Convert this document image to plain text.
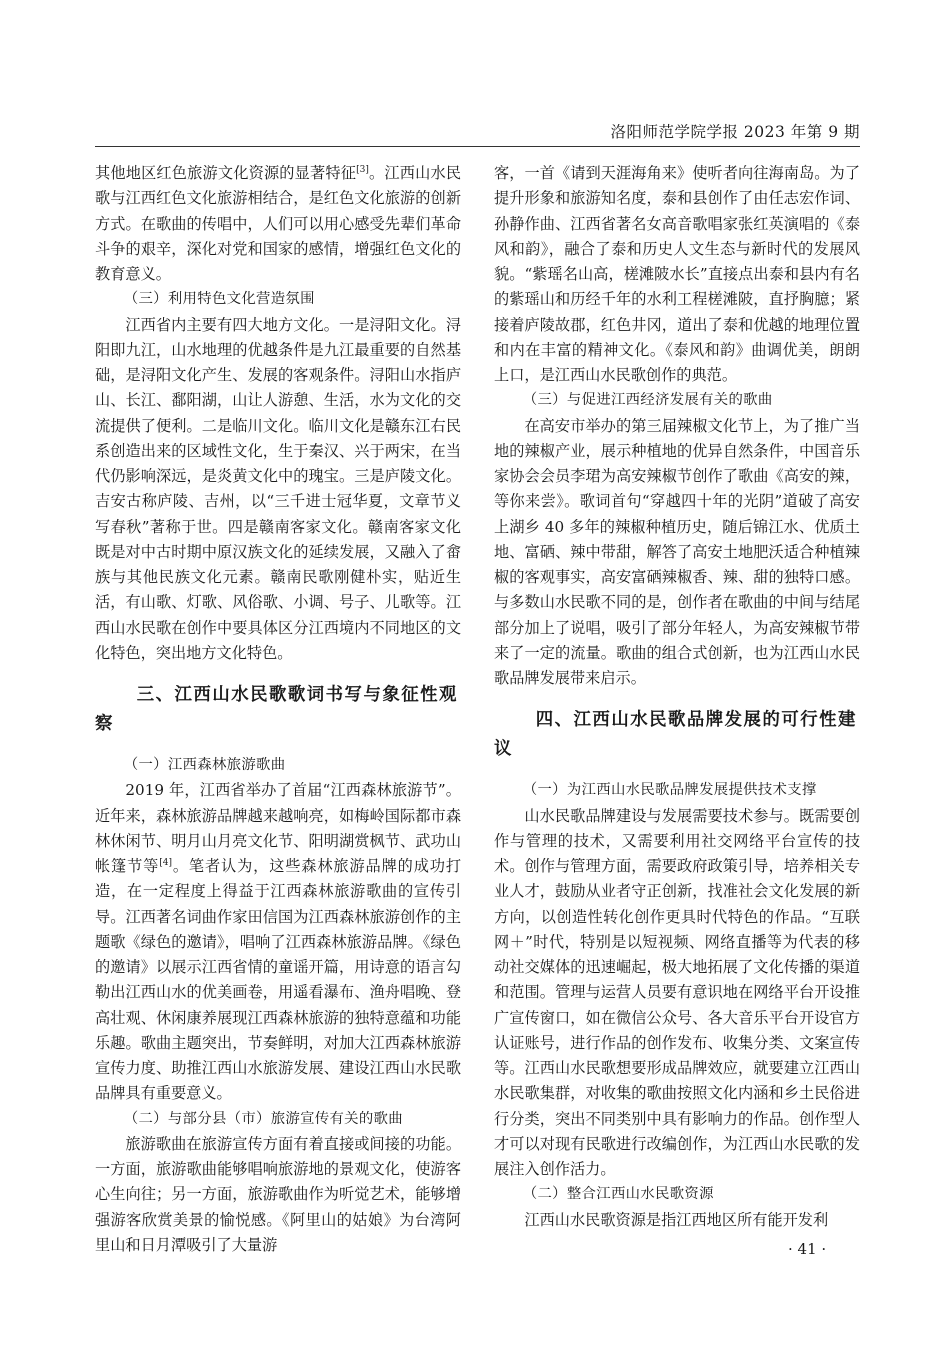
洛阳师范学院学报 2023 年第 9 期

其他地区红色旅游文化资源的显著特征[3]。江西山水民歌与江西红色文化旅游相结合，是红色文化旅游的创新方式。在歌曲的传唱中，人们可以用心感受先辈们革命斗争的艰辛，深化对党和国家的感情，增强红色文化的教育意义。

（三）利用特色文化营造氛围

江西省内主要有四大地方文化。一是浔阳文化。浔阳即九江，山水地理的优越条件是九江最重要的自然基础，是浔阳文化产生、发展的客观条件。浔阳山水指庐山、长江、鄱阳湖，山让人游憩、生活，水为文化的交流提供了便利。二是临川文化。临川文化是赣东江右民系创造出来的区域性文化，生于秦汉、兴于两宋，在当代仍影响深远，是炎黄文化中的瑰宝。三是庐陵文化。吉安古称庐陵、吉州，以“三千进士冠华夏，文章节义写春秋”著称于世。四是赣南客家文化。赣南客家文化既是对中古时期中原汉族文化的延续发展，又融入了畲族与其他民族文化元素。赣南民歌刚健朴实，贴近生活，有山歌、灯歌、风俗歌、小调、号子、儿歌等。江西山水民歌在创作中要具体区分江西境内不同地区的文化特色，突出地方文化特色。

三、江西山水民歌歌词书写与象征性观察
（一）江西森林旅游歌曲

2019 年，江西省举办了首届“江西森林旅游节”。近年来，森林旅游品牌越来越响亮，如梅岭国际都市森林休闲节、明月山月亮文化节、阳明湖赏枫节、武功山帐篷节等[4]。笔者认为，这些森林旅游品牌的成功打造，在一定程度上得益于江西森林旅游歌曲的宣传引导。江西著名词曲作家田信国为江西森林旅游创作的主题歌《绿色的邀请》，唱响了江西森林旅游品牌。《绿色的邀请》以展示江西省情的童谣开篇，用诗意的语言勾勒出江西山水的优美画卷，用遥看瀑布、渔舟唱晚、登高壮观、休闲康养展现江西森林旅游的独特意蕴和功能乐趣。歌曲主题突出，节奏鲜明，对加大江西森林旅游宣传力度、助推江西山水旅游发展、建设江西山水民歌品牌具有重要意义。

（二）与部分县（市）旅游宣传有关的歌曲

旅游歌曲在旅游宣传方面有着直接或间接的功能。一方面，旅游歌曲能够唱响旅游地的景观文化，使游客心生向往；另一方面，旅游歌曲作为听觉艺术，能够增强游客欣赏美景的愉悦感。《阿里山的姑娘》为台湾阿里山和日月潭吸引了大量游

客，一首《请到天涯海角来》使听者向往海南岛。为了提升形象和旅游知名度，泰和县创作了由任志宏作词、孙静作曲、江西省著名女高音歌唱家张红英演唱的《泰风和韵》，融合了泰和历史人文生态与新时代的发展风貌。“紫瑶名山高，槎滩陂水长”直接点出泰和县内有名的紫瑶山和历经千年的水利工程槎滩陂，直抒胸臆；紧接着庐陵故郡，红色井冈，道出了泰和优越的地理位置和内在丰富的精神文化。《泰风和韵》曲调优美，朗朗上口，是江西山水民歌创作的典范。

（三）与促进江西经济发展有关的歌曲

在高安市举办的第三届辣椒文化节上，为了推广当地的辣椒产业，展示种植地的优异自然条件，中国音乐家协会会员李珺为高安辣椒节创作了歌曲《高安的辣，等你来尝》。歌词首句“穿越四十年的光阴”道破了高安上湖乡 40 多年的辣椒种植历史，随后锦江水、优质土地、富硒、辣中带甜，解答了高安土地肥沃适合种植辣椒的客观事实，高安富硒辣椒香、辣、甜的独特口感。与多数山水民歌不同的是，创作者在歌曲的中间与结尾部分加上了说唱，吸引了部分年轻人，为高安辣椒节带来了一定的流量。歌曲的组合式创新，也为江西山水民歌品牌发展带来启示。

四、江西山水民歌品牌发展的可行性建议
（一）为江西山水民歌品牌发展提供技术支撑

山水民歌品牌建设与发展需要技术参与。既需要创作与管理的技术，又需要利用社交网络平台宣传的技术。创作与管理方面，需要政府政策引导，培养相关专业人才，鼓励从业者守正创新，找准社会文化发展的新方向，以创造性转化创作更具时代特色的作品。“互联网＋”时代，特别是以短视频、网络直播等为代表的移动社交媒体的迅速崛起，极大地拓展了文化传播的渠道和范围。管理与运营人员要有意识地在网络平台开设推广宣传窗口，如在微信公众号、各大音乐平台开设官方认证账号，进行作品的创作发布、收集分类、文案宣传等。江西山水民歌想要形成品牌效应，就要建立江西山水民歌集群，对收集的歌曲按照文化内涵和乡土民俗进行分类，突出不同类别中具有影响力的作品。创作型人才可以对现有民歌进行改编创作，为江西山水民歌的发展注入创作活力。

（二）整合江西山水民歌资源

江西山水民歌资源是指江西地区所有能开发利

· 41 ·
